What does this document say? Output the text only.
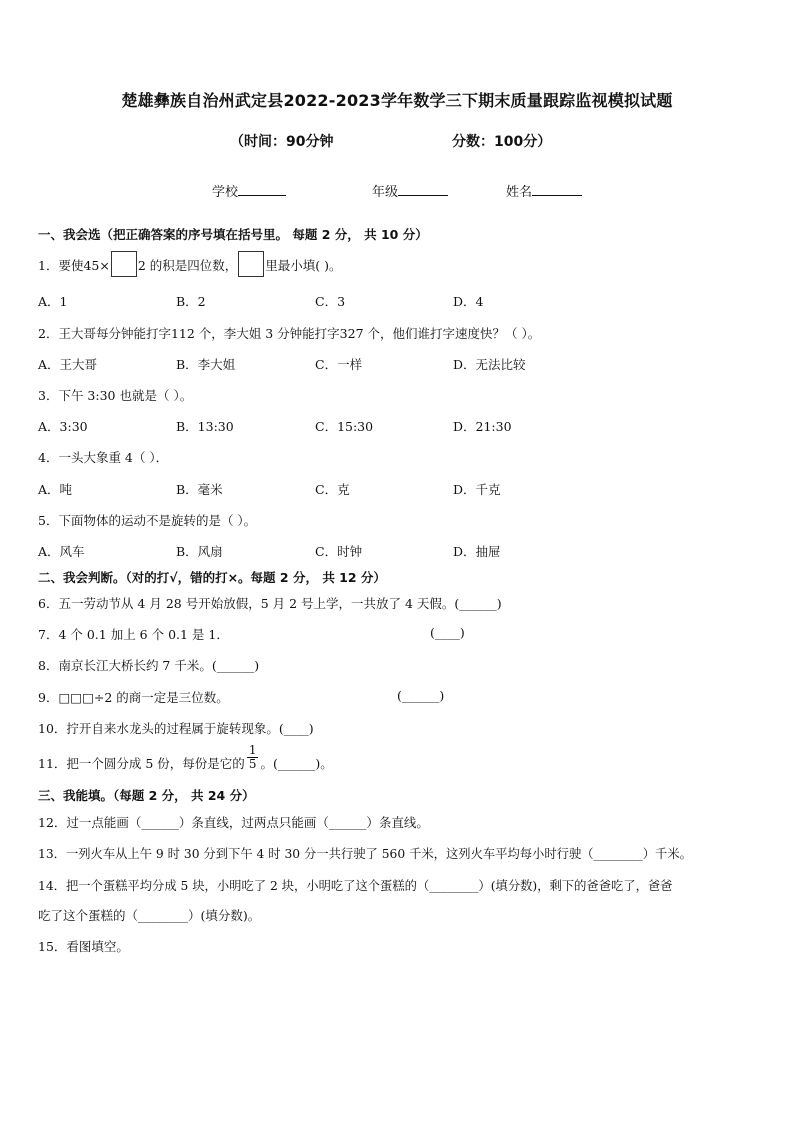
楚雄彝族自治州武定县2022-2023学年数学三下期末质量跟踪监视模拟试题
（时间：90分钟	分数：100分）
学校	年级	姓名
一、我会选（把正确答案的序号填在括号里。 每题 2 分， 共 10 分）
1．要使45× 2 的积是四位数， 里最小填( )。
A．1	B．2	C．3	D．4
2．王大哥每分钟能打字112 个，李大姐 3 分钟能打字327 个，他们谁打字速度快？（ ）。
A．王大哥	B．李大姐	C．一样	D．无法比较
3．下午 3:30 也就是（ ）。
A．3:30	B．13:30	C．15:30	D．21:30
4．一头大象重 4（ ）．
A．吨	B．毫米	C．克	D．千克
5．下面物体的运动不是旋转的是（ ）。
A．风车	B．风扇	C．时钟	D．抽屉
二、我会判断。（对的打√，错的打×。每题 2 分， 共 12 分）
6．五一劳动节从 4 月 28 号开始放假，5 月 2 号上学，一共放了 4 天假。(______)
7．4 个 0.1 加上 6 个 0.1 是 1．	(____)
8．南京长江大桥长约 7 千米。(______)
9．□□□÷2 的商一定是三位数。	(______)
10．拧开自来水龙头的过程属于旋转现象。(____)
11．把一个圆分成 5 份，每份是它的 $\frac{1}{5}$ 。(______)。
三、我能填。（每题 2 分， 共 24 分）
12．过一点能画（______）条直线，过两点只能画（______）条直线。
13．一列火车从上午 9 时 30 分到下午 4 时 30 分一共行驶了 560 千米，这列火车平均每小时行驶（________）千米。
14．把一个蛋糕平均分成 5 块，小明吃了 2 块，小明吃了这个蛋糕的（________）(填分数)，剩下的爸爸吃了，爸爸
吃了这个蛋糕的（________）(填分数)。
15．看图填空。
